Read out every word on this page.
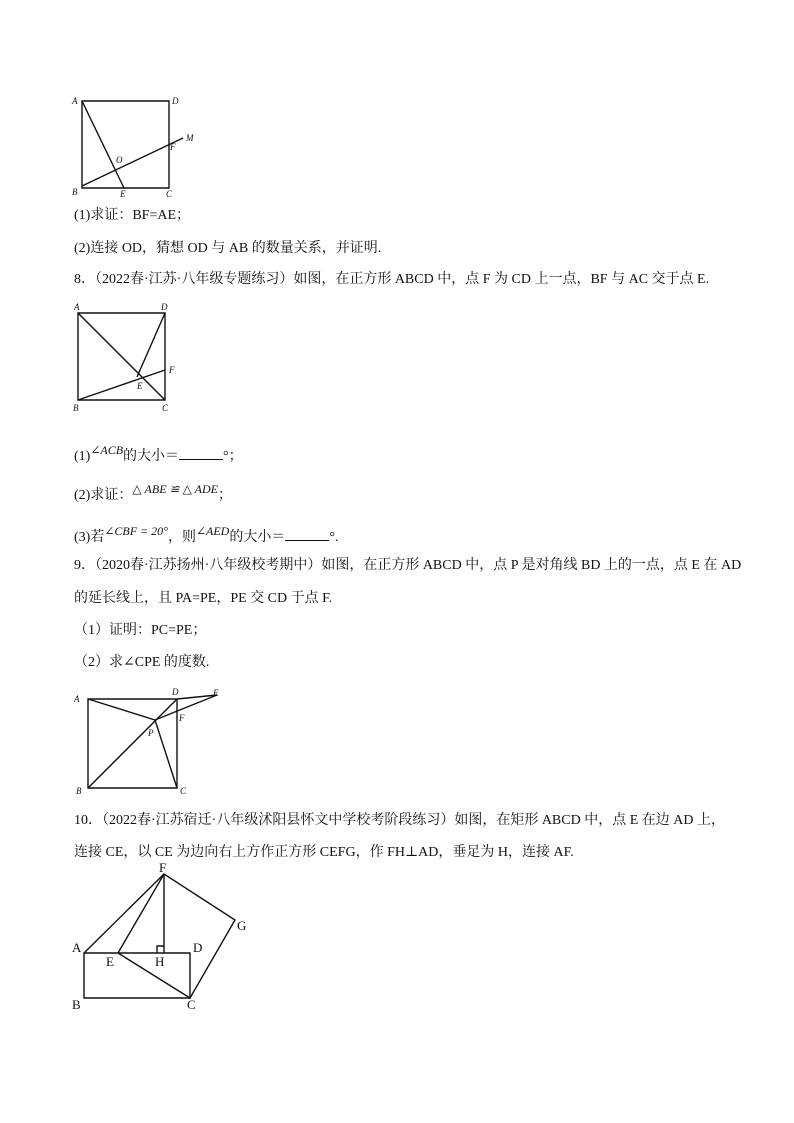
A	D
M
F
O
B	E	C
(1)求证：BF=AE；
(2)连接 OD，猜想 OD 与 AB 的数量关系，并证明.
8．（2022春·江苏·八年级专题练习）如图，在正方形 ABCD 中，点 F 为 CD 上一点，BF 与 AC 交于点 E.
A	D
F
E
B	C
(1)∠ACB的大小＝	°；
(2)求证：△ ABE ≌ △ ADE；
(3)若∠CBF = 20°，则∠AED的大小＝	°.
9．（2020春·江苏扬州·八年级校考期中）如图，在正方形 ABCD 中，点 P 是对角线 BD 上的一点，点 E 在 AD
的延长线上，且 PA=PE，PE 交 CD 于点 F.
（1）证明：PC=PE；
（2）求∠CPE 的度数.
A
D	E
F
P
B	C
10．（2022春·江苏宿迁·八年级沭阳县怀文中学校考阶段练习）如图，在矩形 ABCD 中，点 E 在边 AD 上，
连接 CE，以 CE 为边向右上方作正方形 CEFG，作 FH⊥AD，垂足为 H，连接 AF.
F
G
A	D
E	H
B	C
